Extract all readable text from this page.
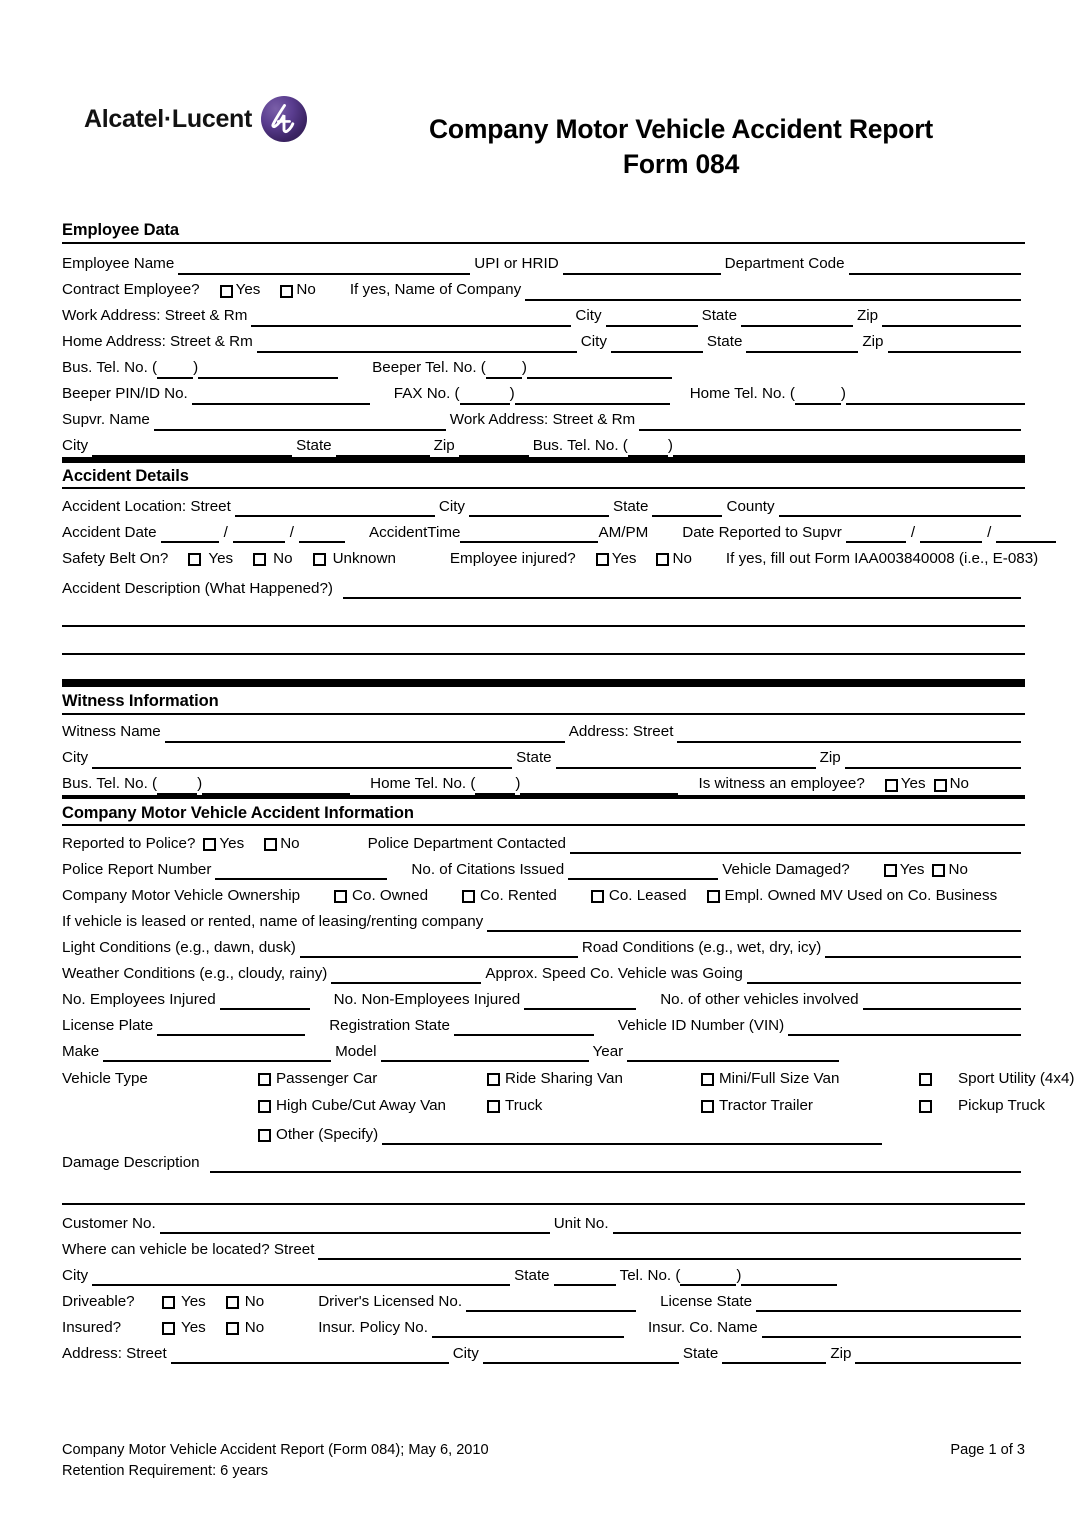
Alcatel·Lucent	Company Motor Vehicle Accident Report
Form 084
Employee Data
Employee Name	UPI or HRID	Department Code
Contract Employee? Yes No If yes, Name of Company
Work Address: Street & Rm	City	State	Zip
Home Address: Street & Rm	City	State	Zip
Bus. Tel. No. ( )	Beeper Tel. No. ( )
Beeper PIN/ID No.	FAX No. (	)	Home Tel. No. (	)
Supvr. Name	Work Address: Street & Rm
City	State	Zip	Bus. Tel. No. (	)
Accident Details
Accident Location: Street	City	State	County
Accident Date	/	/	AccidentTime	AM/PM Date Reported to Supvr	/	/
Safety Belt On?	Yes	No	Unknown	Employee injured? Yes No If yes, fill out Form IAA003840008 (i.e., E-083)
Accident Description (What Happened?)
Witness Information
Witness Name	Address: Street
City	State	Zip
Bus. Tel. No. (	)	Home Tel. No. (	)	Is witness an employee? Yes No
Company Motor Vehicle Accident Information
Reported to Police? Yes No	Police Department Contacted
Police Report Number	No. of Citations Issued	Vehicle Damaged?	Yes No
Company Motor Vehicle Ownership	Co. Owned	Co. Rented	Co. Leased	Empl. Owned MV Used on Co. Business
If vehicle is leased or rented, name of leasing/renting company
Light Conditions (e.g., dawn, dusk)	Road Conditions (e.g., wet, dry, icy)
Weather Conditions (e.g., cloudy, rainy)	Approx. Speed Co. Vehicle was Going
No. Employees Injured	No. Non-Employees Injured	No. of other vehicles involved
License Plate	Registration State	Vehicle ID Number (VIN)
Make	Model	Year
Vehicle Type	Passenger Car	Ride Sharing Van	Mini/Full Size Van	Sport Utility (4x4)
High Cube/Cut Away Van	Truck	Tractor Trailer	Pickup Truck
Other (Specify)
Damage Description
Customer No.	Unit No.
Where can vehicle be located? Street
City	State	Tel. No. (	)
Driveable?	Yes	No	Driver's Licensed No.	License State
Insured?	Yes	No	Insur. Policy No.	Insur. Co. Name
Address: Street	City	State	Zip
Company Motor Vehicle Accident Report (Form 084); May 6, 2010
Retention Requirement: 6 years
Page 1 of 3
